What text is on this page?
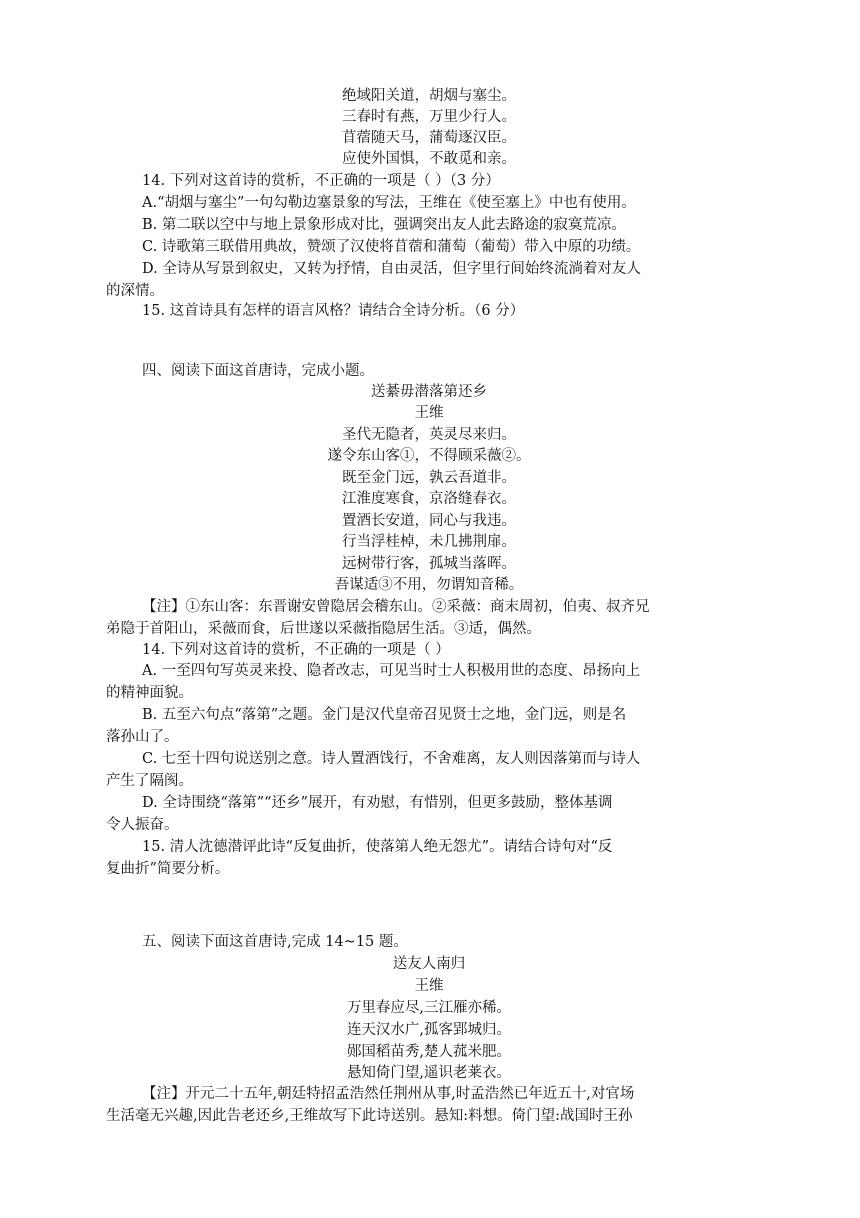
绝域阳关道，胡烟与塞尘。
三春时有燕，万里少行人。
苜蓿随天马，蒲萄逐汉臣。
应使外国惧，不敢觅和亲。
14. 下列对这首诗的赏析，不正确的一项是（ ）（3 分）
A.“胡烟与塞尘”一句勾勒边塞景象的写法，王维在《使至塞上》中也有使用。
B. 第二联以空中与地上景象形成对比，强调突出友人此去路途的寂寞荒凉。
C. 诗歌第三联借用典故，赞颂了汉使将苜蓿和蒲萄（葡萄）带入中原的功绩。
D. 全诗从写景到叙史，又转为抒情，自由灵活，但字里行间始终流淌着对友人
的深情。
15. 这首诗具有怎样的语言风格？请结合全诗分析。（6 分）
四、阅读下面这首唐诗，完成小题。
送綦毋潜落第还乡
王维
圣代无隐者，英灵尽来归。
遂令东山客①，不得顾采薇②。
既至金门远，孰云吾道非。
江淮度寒食，京洛缝春衣。
置酒长安道，同心与我违。
行当浮桂棹，未几拂荆扉。
远树带行客，孤城当落晖。
吾谋适③不用，勿谓知音稀。
【注】①东山客：东晋谢安曾隐居会稽东山。②采薇：商末周初，伯夷、叔齐兄
弟隐于首阳山，采薇而食，后世遂以采薇指隐居生活。③适，偶然。
14. 下列对这首诗的赏析，不正确的一项是（ ）
A. 一至四句写英灵来投、隐者改志，可见当时士人积极用世的态度、昂扬向上
的精神面貌。
B. 五至六句点“落第”之题。金门是汉代皇帝召见贤士之地，金门远，则是名
落孙山了。
C. 七至十四句说送别之意。诗人置酒饯行，不舍难离，友人则因落第而与诗人
产生了隔阂。
D. 全诗围绕“落第”“还乡”展开，有劝慰，有惜别，但更多鼓励，整体基调
令人振奋。
15. 清人沈德潜评此诗“反复曲折，使落第人绝无怨尤”。请结合诗句对“反
复曲折”简要分析。
五、阅读下面这首唐诗,完成 14~15 题。
送友人南归
王维
万里春应尽,三江雁亦稀。
连天汉水广,孤客郢城归。
郧国稻苗秀,楚人菰米肥。
悬知倚门望,遥识老莱衣。
【注】开元二十五年,朝廷特招孟浩然任荆州从事,时孟浩然已年近五十,对官场
生活毫无兴趣,因此告老还乡,王维故写下此诗送别。悬知:料想。倚门望:战国时王孙
